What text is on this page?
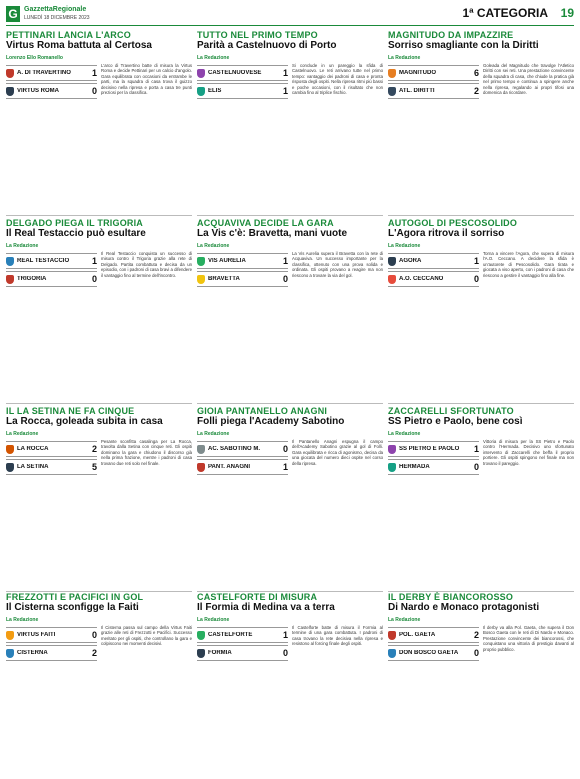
G GazzettaRegionale
LUNEDÌ 18 DICEMBRE 2023	1ª CATEGORIA 19
PETTINARI LANCIA L'ARCO
Virtus Roma battuta al Certosa
Lorenzo Ello Romanello
A. DI TRAVERTINO	1
VIRTUS ROMA	0
L'arco di Travertino batte di misura la Virtus Roma e decide Pettinari per un calcio d'angolo. Gara equilibrata con occasioni da entrambe le parti, ma la squadra di casa trova il guizzo decisivo nella ripresa e porta a casa tre punti preziosi per la classifica.
TUTTO NEL PRIMO TEMPO
Parità a Castelnuovo di Porto
La Redazione
CASTELNUOVESE	1
ELIS	1
Si conclude in un pareggio la sfida di Castelnuovo. Le reti arrivano tutte nel primo tempo: vantaggio dei padroni di casa e pronta risposta degli ospiti. Nella ripresa ritmi più bassi e poche occasioni, con il risultato che non cambia fino al triplice fischio.
MAGNITUDO DA IMPAZZIRE
Sorriso smagliante con la Diritti
La Redazione
MAGNITUDO	6
ATL. DIRITTI	2
Goleada del Magnitudo che travolge l'Atletico Diritti con sei reti. Una prestazione convincente della squadra di casa, che chiude la pratica già nel primo tempo e continua a spingere anche nella ripresa, regalando ai propri tifosi una domenica da ricordare.
DELGADO PIEGA IL TRIGORIA
Il Real Testaccio può esultare
La Redazione
REAL TESTACCIO	1
TRIGORIA	0
Il Real Testaccio conquista un successo di misura contro il Trigoria grazie alla rete di Delgado. Partita combattuta e decisa da un episodio, con i padroni di casa bravi a difendere il vantaggio fino al termine dell'incontro.
ACQUAVIVA DECIDE LA GARA
La Vis c'è: Bravetta, mani vuote
La Redazione
VIS AURELIA	1
BRAVETTA	0
La Vis Aurelia supera il Bravetta con la rete di Acquaviva. Un successo importante per la classifica, ottenuto con una prova solida e ordinata. Gli ospiti provano a reagire ma non riescono a trovare la via del gol.
AUTOGOL DI PESCOSOLIDO
L'Agora ritrova il sorriso
La Redazione
AGORA	1
A.O. CECCANO	0
Torna a vincere l'Agora, che supera di misura l'A.O. Ceccano. A decidere la sfida è un'autorete di Pescosolido. Gara tirata e giocata a viso aperto, con i padroni di casa che riescono a gestire il vantaggio fino alla fine.
IL LA SETINA NE FA CINQUE
La Rocca, goleada subita in casa
La Redazione
LA ROCCA	2
LA SETINA	5
Pesante sconfitta casalinga per La Rocca, travolta dalla Setina con cinque reti. Gli ospiti dominano la gara e chiudono il discorso già nella prima frazione, mentre i padroni di casa trovano due reti solo nel finale.
GIOIA PANTANELLO ANAGNI
Folli piega l'Academy Sabotino
La Redazione
AC. SABOTINO M.	0
PANT. ANAGNI	1
Il Pantanello Anagni espugna il campo dell'Academy Sabotino grazie al gol di Folli. Gara equilibrata e ricca di agonismo, decisa da una giocata del numero dieci ospite nel corso della ripresa.
ZACCARELLI SFORTUNATO
SS Pietro e Paolo, bene così
La Redazione
SS PIETRO E PAOLO	1
HERMADA	0
Vittoria di misura per la SS Pietro e Paolo contro l'Hermada. Decisivo uno sfortunato intervento di Zaccarelli che beffa il proprio portiere. Gli ospiti spingono nel finale ma non trovano il pareggio.
FREZZOTTI E PACIFICI IN GOL
Il Cisterna sconfigge la Faiti
La Redazione
VIRTUS FAITI	0
CISTERNA	2
Il Cisterna passa sul campo della Virtus Faiti grazie alle reti di Frezzotti e Pacifici. Successo meritato per gli ospiti, che controllano la gara e colpiscono nei momenti decisivi.
CASTELFORTE DI MISURA
Il Formia di Medina va a terra
La Redazione
CASTELFORTE	1
FORMIA	0
Il Castelforte batte di misura il Formia al termine di una gara combattuta. I padroni di casa trovano la rete decisiva nella ripresa e resistono al forcing finale degli ospiti.
IL DERBY È BIANCOROSSO
Di Nardo e Monaco protagonisti
La Redazione
POL. GAETA	2
DON BOSCO GAETA	0
Il derby va alla Pol. Gaeta, che supera il Don Bosco Gaeta con le reti di Di Nardo e Monaco. Prestazione convincente dei biancorossi, che conquistano una vittoria di prestigio davanti al proprio pubblico.
